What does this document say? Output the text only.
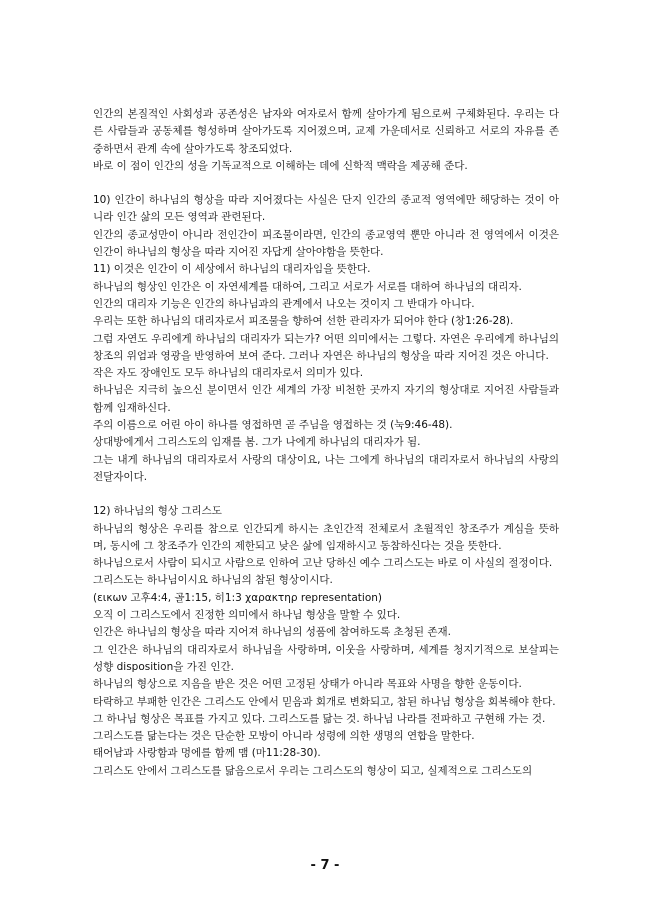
인간의 본질적인 사회성과 공존성은 남자와 여자로서 함께 살아가게 됨으로써 구체화된다. 우리는 다른 사람들과 공동체를 형성하며 살아가도록 지어졌으며, 교제 가운데서로 신뢰하고 서로의 자유를 존중하면서 관계 속에 살아가도록 창조되었다.

바로 이 점이 인간의 성을 기독교적으로 이해하는 데에 신학적 맥락을 제공해 준다.

10) 인간이 하나님의 형상을 따라 지어졌다는 사실은 단지 인간의 종교적 영역에만 해당하는 것이 아니라 인간 삶의 모든 영역과 관련된다.

인간의 종교성만이 아니라 전인간이 피조물이라면, 인간의 종교영역 뿐만 아니라 전 영역에서 이것은 인간이 하나님의 형상을 따라 지어진 자답게 살아야함을 뜻한다.

11) 이것은 인간이 이 세상에서 하나님의 대리자임을 뜻한다.

하나님의 형상인 인간은 이 자연세계를 대하여, 그리고 서로가 서로를 대하여 하나님의 대리자.

인간의 대리자 기능은 인간의 하나님과의 관계에서 나오는 것이지 그 반대가 아니다.

우리는 또한 하나님의 대리자로서 피조물을 향하여 선한 관리자가 되어야 한다 (창1:26-28).

그럼 자연도 우리에게 하나님의 대리자가 되는가? 어떤 의미에서는 그렇다. 자연은 우리에게 하나님의 창조의 위엄과 영광을 반영하여 보여 준다. 그러나 자연은 하나님의 형상을 따라 지어진 것은 아니다.

작은 자도 장애인도 모두 하나님의 대리자로서 의미가 있다.

하나님은 지극히 높으신 분이면서 인간 세계의 가장 비천한 곳까지 자기의 형상대로 지어진 사람들과 함께 임재하신다.

주의 이름으로 어린 아이 하나를 영접하면 곧 주님을 영접하는 것 (눅9:46-48).

상대방에게서 그리스도의 임재를 봄. 그가 나에게 하나님의 대리자가 됨.

그는 내게 하나님의 대리자로서 사랑의 대상이요, 나는 그에게 하나님의 대리자로서 하나님의 사랑의 전달자이다.

12) 하나님의 형상 그리스도

하나님의 형상은 우리를 참으로 인간되게 하시는 초인간적 전체로서 초월적인 창조주가 계심을 뜻하며, 동시에 그 창조주가 인간의 제한되고 낮은 삶에 임재하시고 동참하신다는 것을 뜻한다.

하나님으로서 사람이 되시고 사람으로 인하여 고난 당하신 예수 그리스도는 바로 이 사실의 절정이다.

그리스도는 하나님이시요 하나님의 참된 형상이시다.

(εικων 고후4:4, 골1:15, 히1:3 χαρακτηρ representation)

오직 이 그리스도에서 진정한 의미에서 하나님 형상을 말할 수 있다.

인간은 하나님의 형상을 따라 지어져 하나님의 성품에 참여하도록 초청된 존재.

그 인간은 하나님의 대리자로서 하나님을 사랑하며, 이웃을 사랑하며, 세계를 청지기적으로 보살피는 성향 disposition을 가진 인간.

하나님의 형상으로 지음을 받은 것은 어떤 고정된 상태가 아니라 목표와 사명을 향한 운동이다.

타락하고 부패한 인간은 그리스도 안에서 믿음과 회개로 변화되고, 참된 하나님 형상을 회복해야 한다.

그 하나님 형상은 목표를 가지고 있다. 그리스도를 닮는 것. 하나님 나라를 전파하고 구현해 가는 것.

그리스도를 닮는다는 것은 단순한 모방이 아니라 성령에 의한 생명의 연합을 말한다.

태어남과 사랑함과 멍에를 함께 맴 (마11:28-30).

그리스도 안에서 그리스도를 닮음으로서 우리는 그리스도의 형상이 되고, 실제적으로 그리스도의

- 7 -
